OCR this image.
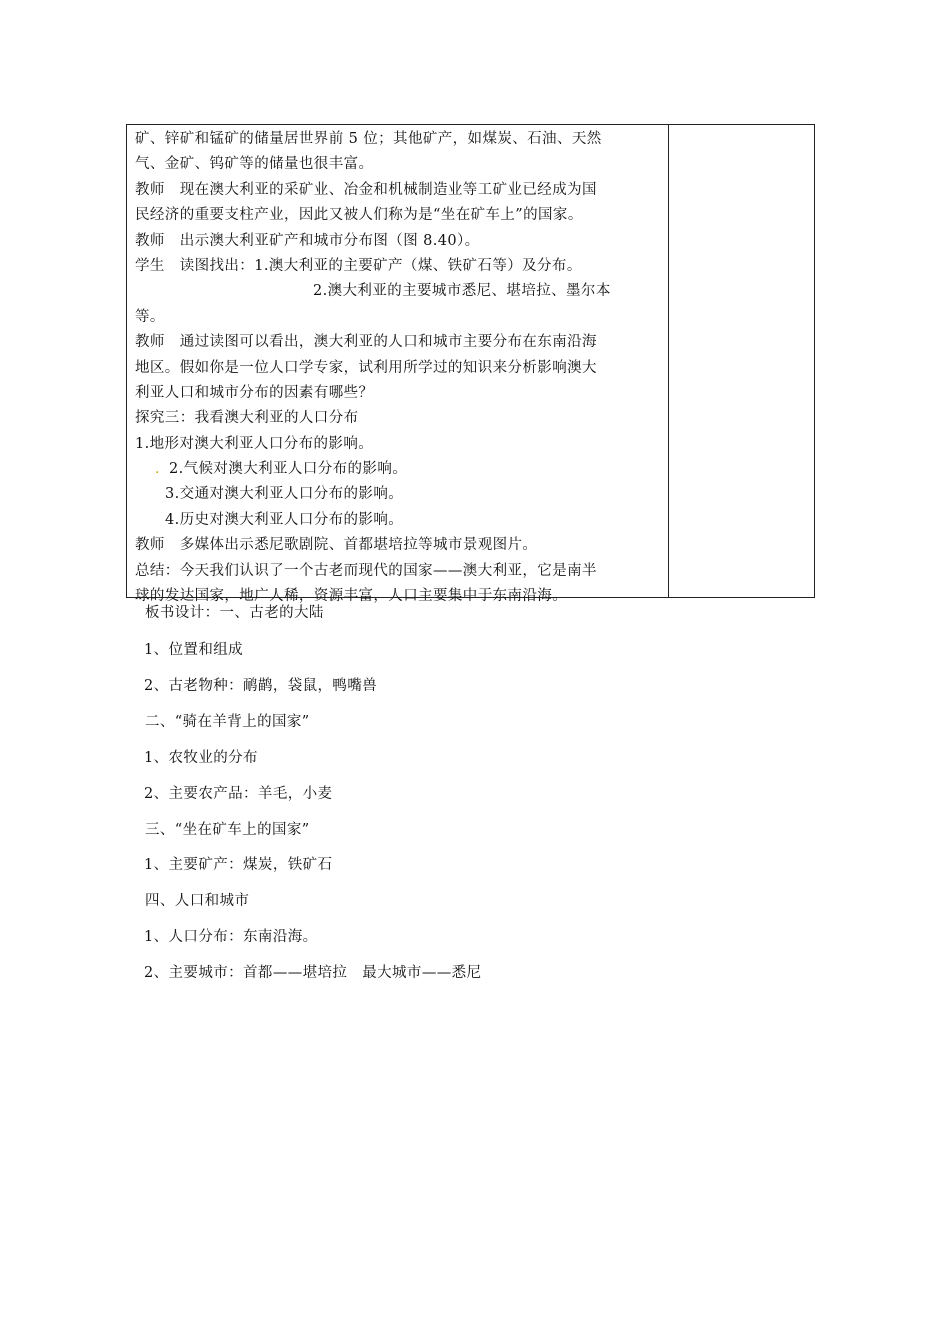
矿、锌矿和锰矿的储量居世界前 5 位；其他矿产，如煤炭、石油、天然
气、金矿、钨矿等的储量也很丰富。
教师　现在澳大利亚的采矿业、冶金和机械制造业等工矿业已经成为国
民经济的重要支柱产业，因此又被人们称为是“坐在矿车上”的国家。
教师　出示澳大利亚矿产和城市分布图（图 8.40）。
学生　读图找出：1.澳大利亚的主要矿产（煤、铁矿石等）及分布。
2.澳大利亚的主要城市悉尼、堪培拉、墨尔本
等。
教师　通过读图可以看出，澳大利亚的人口和城市主要分布在东南沿海
地区。假如你是一位人口学专家，试利用所学过的知识来分析影响澳大
利亚人口和城市分布的因素有哪些？
探究三：我看澳大利亚的人口分布
1.地形对澳大利亚人口分布的影响。
. 2.气候对澳大利亚人口分布的影响。
3.交通对澳大利亚人口分布的影响。
4.历史对澳大利亚人口分布的影响。
教师　多媒体出示悉尼歌剧院、首都堪培拉等城市景观图片。
总结：今天我们认识了一个古老而现代的国家——澳大利亚，它是南半
球的发达国家，地广人稀，资源丰富，人口主要集中于东南沿海。
板书设计：一、古老的大陆
1、位置和组成
2、古老物种：鸸鹋，袋鼠，鸭嘴兽
二、“骑在羊背上的国家”
1、农牧业的分布
2、主要农产品：羊毛，小麦
三、“坐在矿车上的国家”
1、主要矿产：煤炭，铁矿石
四、人口和城市
1、人口分布：东南沿海。
2、主要城市：首都——堪培拉　最大城市——悉尼
